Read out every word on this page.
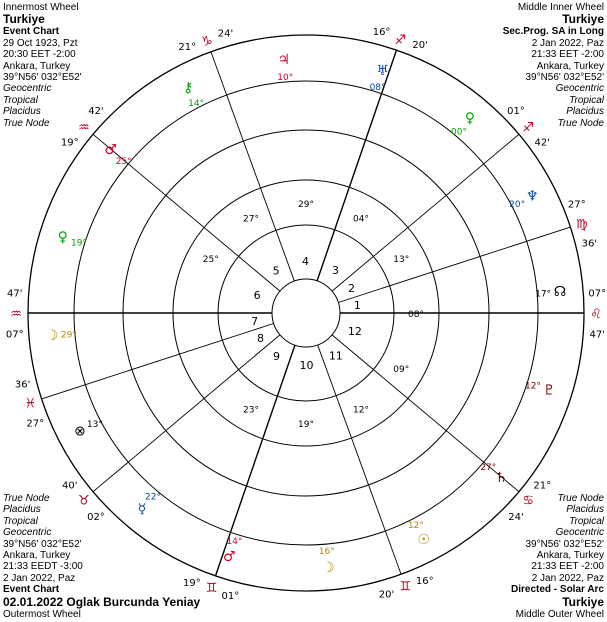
Innermost Wheel
Turkiye
Event Chart
29 Oct 1923, Pzt
20:30 EET -2:00
Ankara, Turkey
39°N56' 032°E52'
Geocentric
Tropical
Placidus
True Node
Middle Inner Wheel
Turkiye
Sec.Prog. SA in Long
2 Jan 2022, Paz
21:33 EET -2:00
Ankara, Turkey
39°N56' 032°E52'
Geocentric
Tropical
Placidus
True Node
True Node
Placidus
Tropical
Geocentric
39°N56' 032°E52'
Ankara, Turkey
21:33 EEDT -3:00
2 Jan 2022, Paz
Event Chart
02.01.2022 Oglak Burcunda Yeniay
Outermost Wheel
True Node
Placidus
Tropical
Geocentric
39°N56' 032°E52'
Ankara, Turkey
21:33 EET -2:00
2 Jan 2022, Paz
Directed - Solar Arc
Turkiye
Middle Outer Wheel
1
2
3
4
5
6
7
8
9
10
11
12
07°
47'
♒
27°
36'
♓
02°
40'
♉
01°
19° ♊	16°
20'
♊
21°
24'
♋
07°
47'
♌
27°
36'
♍
01°
42'
♐
16°
20'
♐
21°
24'
♑
19°
42'
♒
♃
10°	♅
08°
♀
00°
♆
20°
☊
17°
♇
12°
♄
27°
☉
12°
☽
16°
♂
14°
☿
22°
⊗ 13°
☽ 29°
♀ 19°
♂
25°
⚷
14°
25°
27°
29°
04°
13°
08°
09°
12°
19°
23°
